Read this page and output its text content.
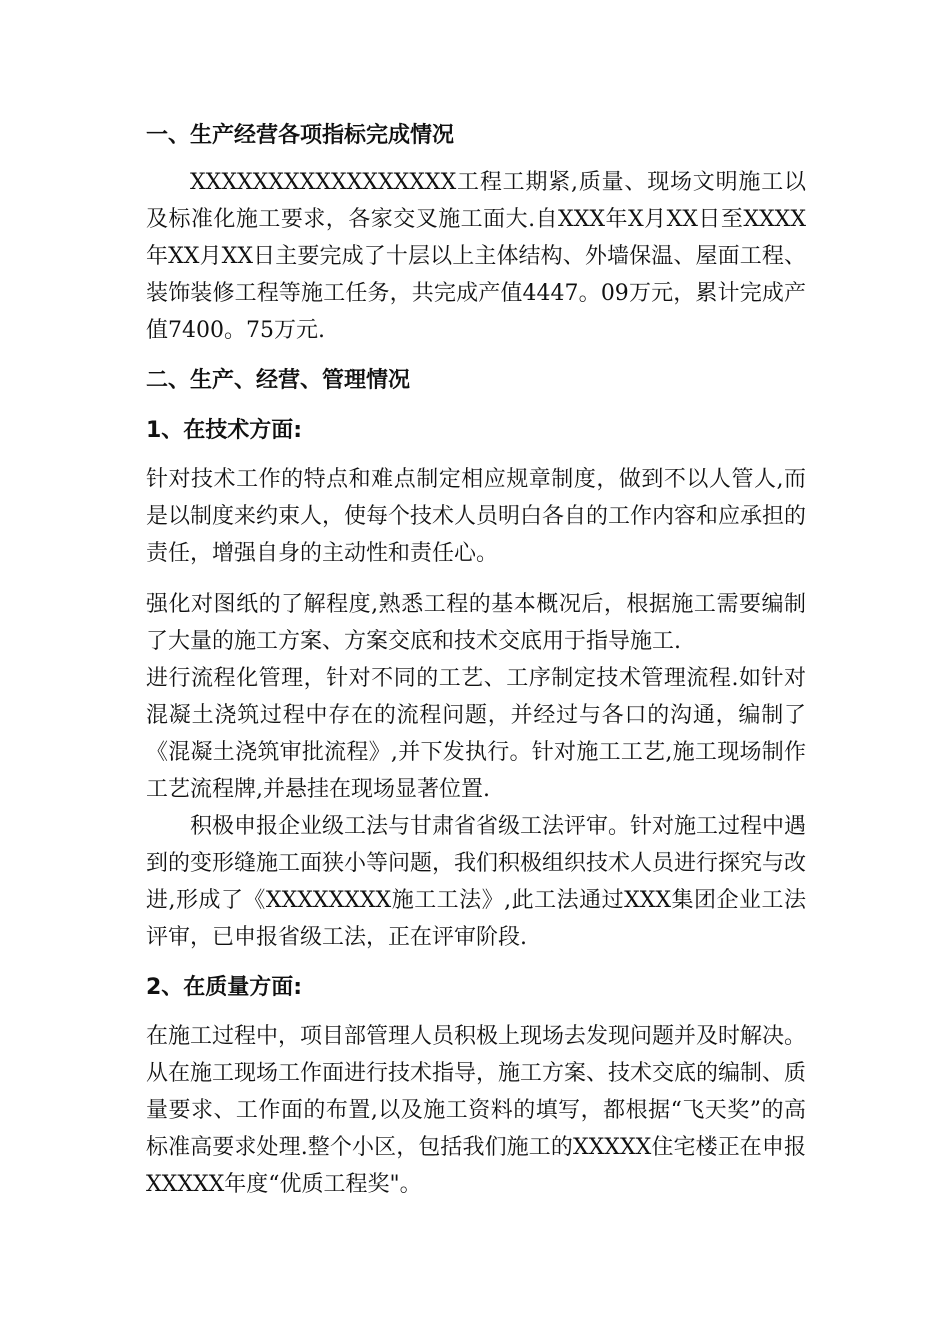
一、生产经营各项指标完成情况

XXXXXXXXXXXXXXXXX工程工期紧,质量、现场文明施工以及标准化施工要求，各家交叉施工面大.自XXX年X月XX日至XXXX年XX月XX日主要完成了十层以上主体结构、外墙保温、屋面工程、装饰装修工程等施工任务，共完成产值4447。09万元，累计完成产值7400。75万元.

二、生产、经营、管理情况
1、在技术方面:

针对技术工作的特点和难点制定相应规章制度，做到不以人管人,而是以制度来约束人，使每个技术人员明白各自的工作内容和应承担的责任，增强自身的主动性和责任心。

强化对图纸的了解程度,熟悉工程的基本概况后，根据施工需要编制了大量的施工方案、方案交底和技术交底用于指导施工.

进行流程化管理，针对不同的工艺、工序制定技术管理流程.如针对混凝土浇筑过程中存在的流程问题，并经过与各口的沟通，编制了《混凝土浇筑审批流程》,并下发执行。针对施工工艺,施工现场制作工艺流程牌,并悬挂在现场显著位置.

积极申报企业级工法与甘肃省省级工法评审。针对施工过程中遇到的变形缝施工面狭小等问题，我们积极组织技术人员进行探究与改进,形成了《XXXXXXXX施工工法》,此工法通过XXX集团企业工法评审，已申报省级工法，正在评审阶段.

2、在质量方面:

在施工过程中，项目部管理人员积极上现场去发现问题并及时解决。从在施工现场工作面进行技术指导，施工方案、技术交底的编制、质量要求、工作面的布置,以及施工资料的填写，都根据“飞天奖”的高标准高要求处理.整个小区，包括我们施工的XXXXX住宅楼正在申报XXXXX年度“优质工程奖"。
